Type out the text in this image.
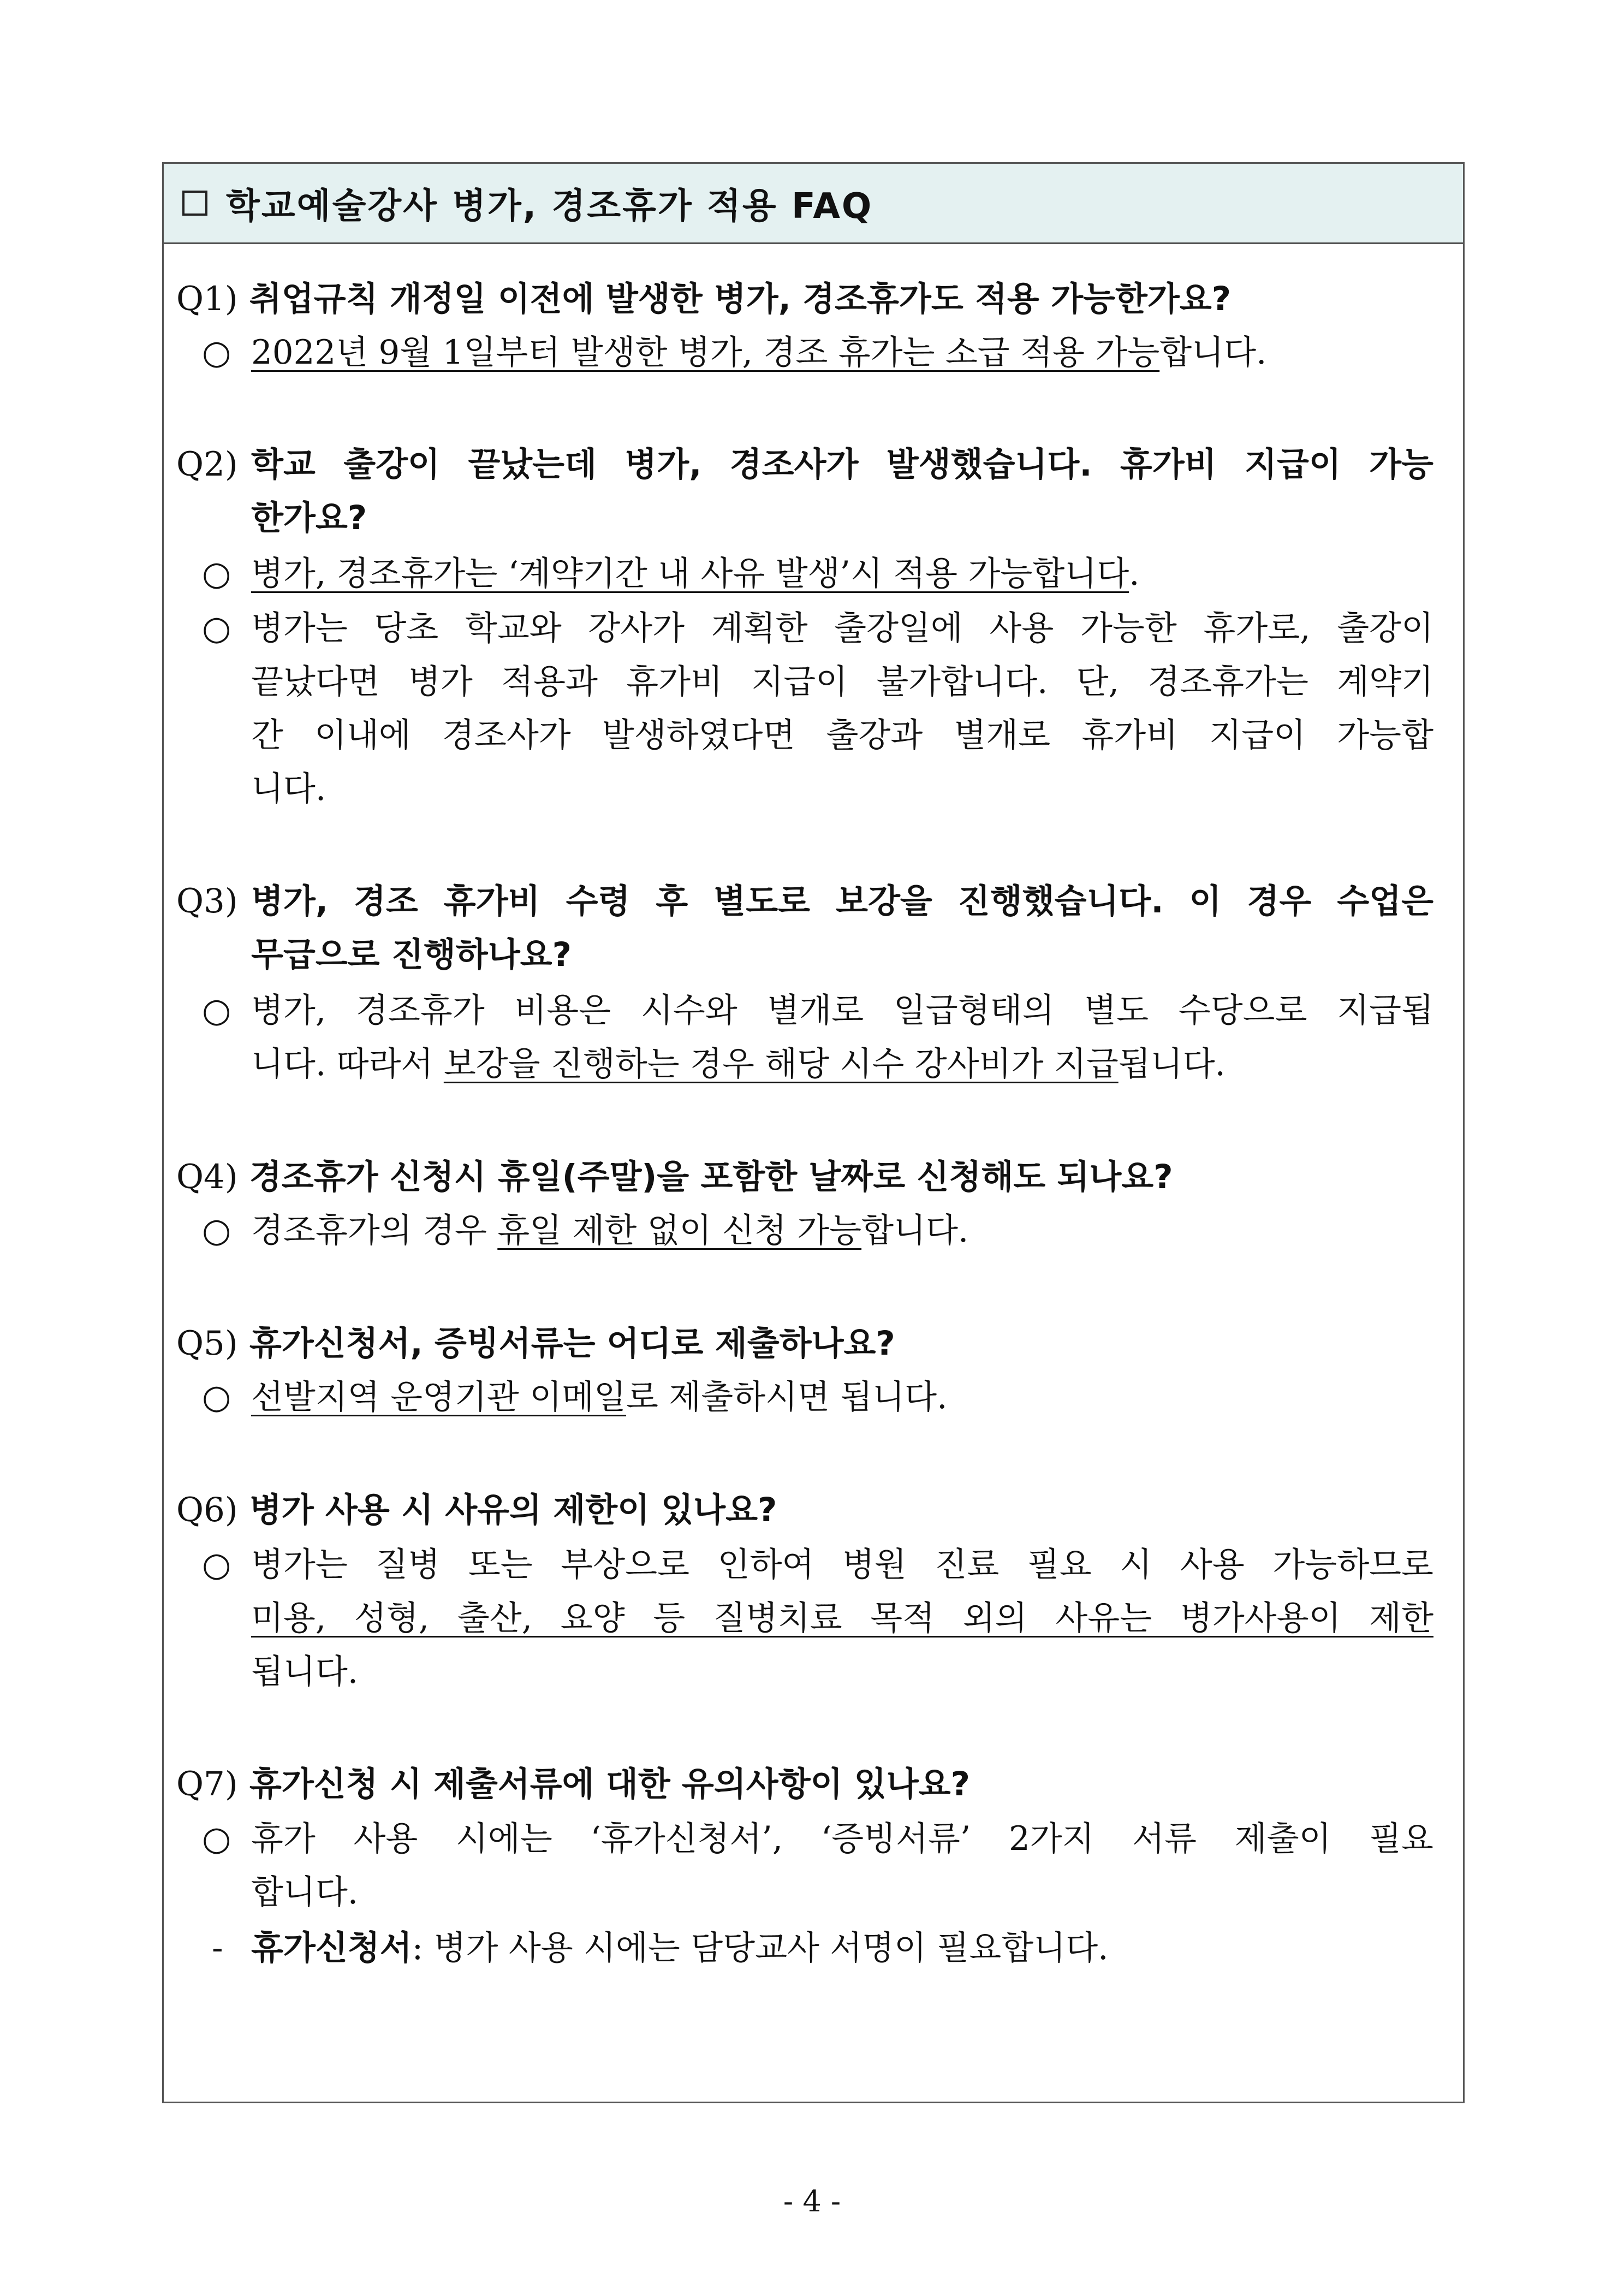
학교예술강사 병가, 경조휴가 적용 FAQ
Q1) 취업규칙 개정일 이전에 발생한 병가, 경조휴가도 적용 가능한가요?
○ 2022년 9월 1일부터 발생한 병가, 경조 휴가는 소급 적용 가능합니다.
Q2) 학교 출강이 끝났는데 병가, 경조사가 발생했습니다. 휴가비 지급이 가능
한가요?
○ 병가, 경조휴가는 ‘계약기간 내 사유 발생’시 적용 가능합니다.
○ 병가는 당초 학교와 강사가 계획한 출강일에 사용 가능한 휴가로, 출강이
끝났다면 병가 적용과 휴가비 지급이 불가합니다. 단, 경조휴가는 계약기
간 이내에 경조사가 발생하였다면 출강과 별개로 휴가비 지급이 가능합
니다.
Q3) 병가, 경조 휴가비 수령 후 별도로 보강을 진행했습니다. 이 경우 수업은
무급으로 진행하나요?
○ 병가, 경조휴가 비용은 시수와 별개로 일급형태의 별도 수당으로 지급됩
니다. 따라서 보강을 진행하는 경우 해당 시수 강사비가 지급됩니다.
Q4) 경조휴가 신청시 휴일(주말)을 포함한 날짜로 신청해도 되나요?
○ 경조휴가의 경우 휴일 제한 없이 신청 가능합니다.
Q5) 휴가신청서, 증빙서류는 어디로 제출하나요?
○ 선발지역 운영기관 이메일로 제출하시면 됩니다.
Q6) 병가 사용 시 사유의 제한이 있나요?
○ 병가는 질병 또는 부상으로 인하여 병원 진료 필요 시 사용 가능하므로
미용, 성형, 출산, 요양 등 질병치료 목적 외의 사유는 병가사용이 제한
됩니다.
Q7) 휴가신청 시 제출서류에 대한 유의사항이 있나요?
○ 휴가 사용 시에는 ‘휴가신청서’, ‘증빙서류’ 2가지 서류 제출이 필요
합니다.
- 휴가신청서: 병가 사용 시에는 담당교사 서명이 필요합니다.
- 4 -
